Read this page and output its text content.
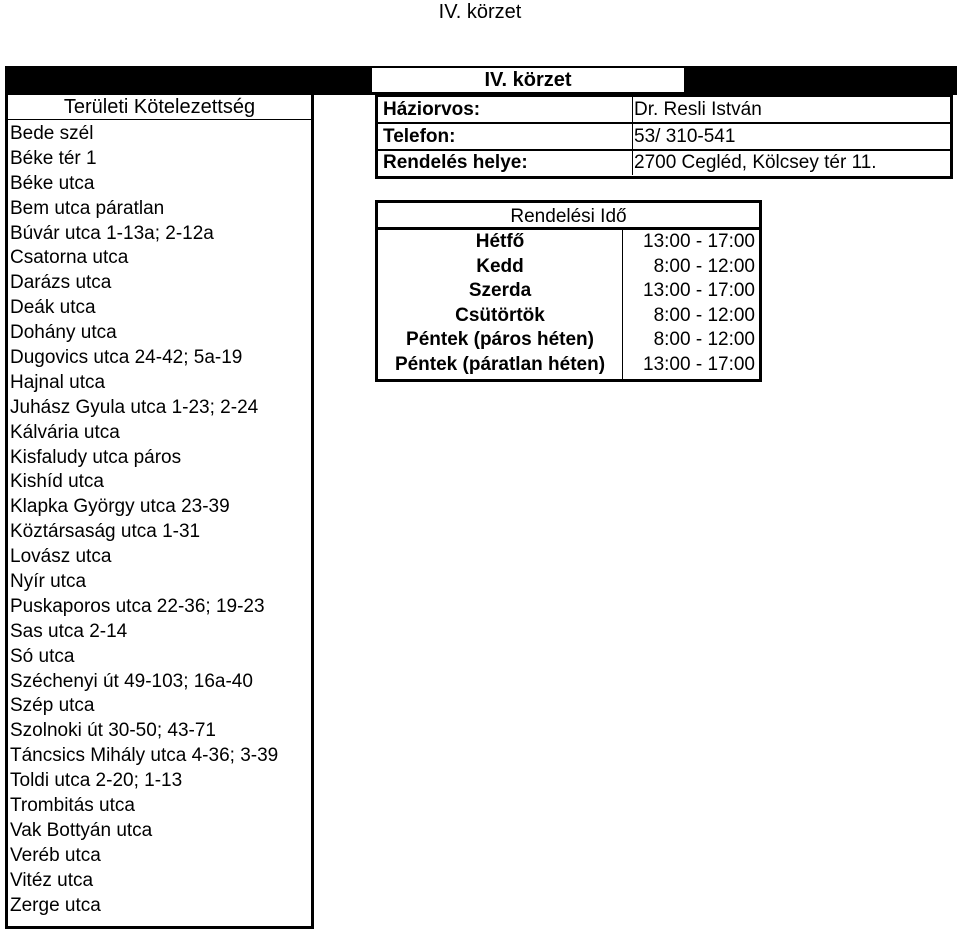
IV. körzet
IV. körzet
Területi Kötelezettség
Bede szél
Béke tér 1
Béke utca
Bem utca páratlan
Búvár utca 1-13a; 2-12a
Csatorna utca
Darázs utca
Deák utca
Dohány utca
Dugovics utca 24-42; 5a-19
Hajnal utca
Juhász Gyula utca 1-23; 2-24
Kálvária utca
Kisfaludy utca páros
Kishíd utca
Klapka György utca 23-39
Köztársaság utca 1-31
Lovász utca
Nyír utca
Puskaporos utca 22-36; 19-23
Sas utca 2-14
Só utca
Széchenyi út 49-103; 16a-40
Szép utca
Szolnoki út 30-50; 43-71
Táncsics Mihály utca 4-36; 3-39
Toldi utca 2-20; 1-13
Trombitás utca
Vak Bottyán utca
Veréb utca
Vitéz utca
Zerge utca
Háziorvos:	Dr. Resli István
Telefon:	53/ 310-541
Rendelés helye:	2700 Cegléd, Kölcsey tér 11.
Rendelési Idő
Hétfő	13:00 - 17:00
Kedd	8:00 - 12:00
Szerda	13:00 - 17:00
Csütörtök	8:00 - 12:00
Péntek (páros héten)	8:00 - 12:00
Péntek (páratlan héten)	13:00 - 17:00
